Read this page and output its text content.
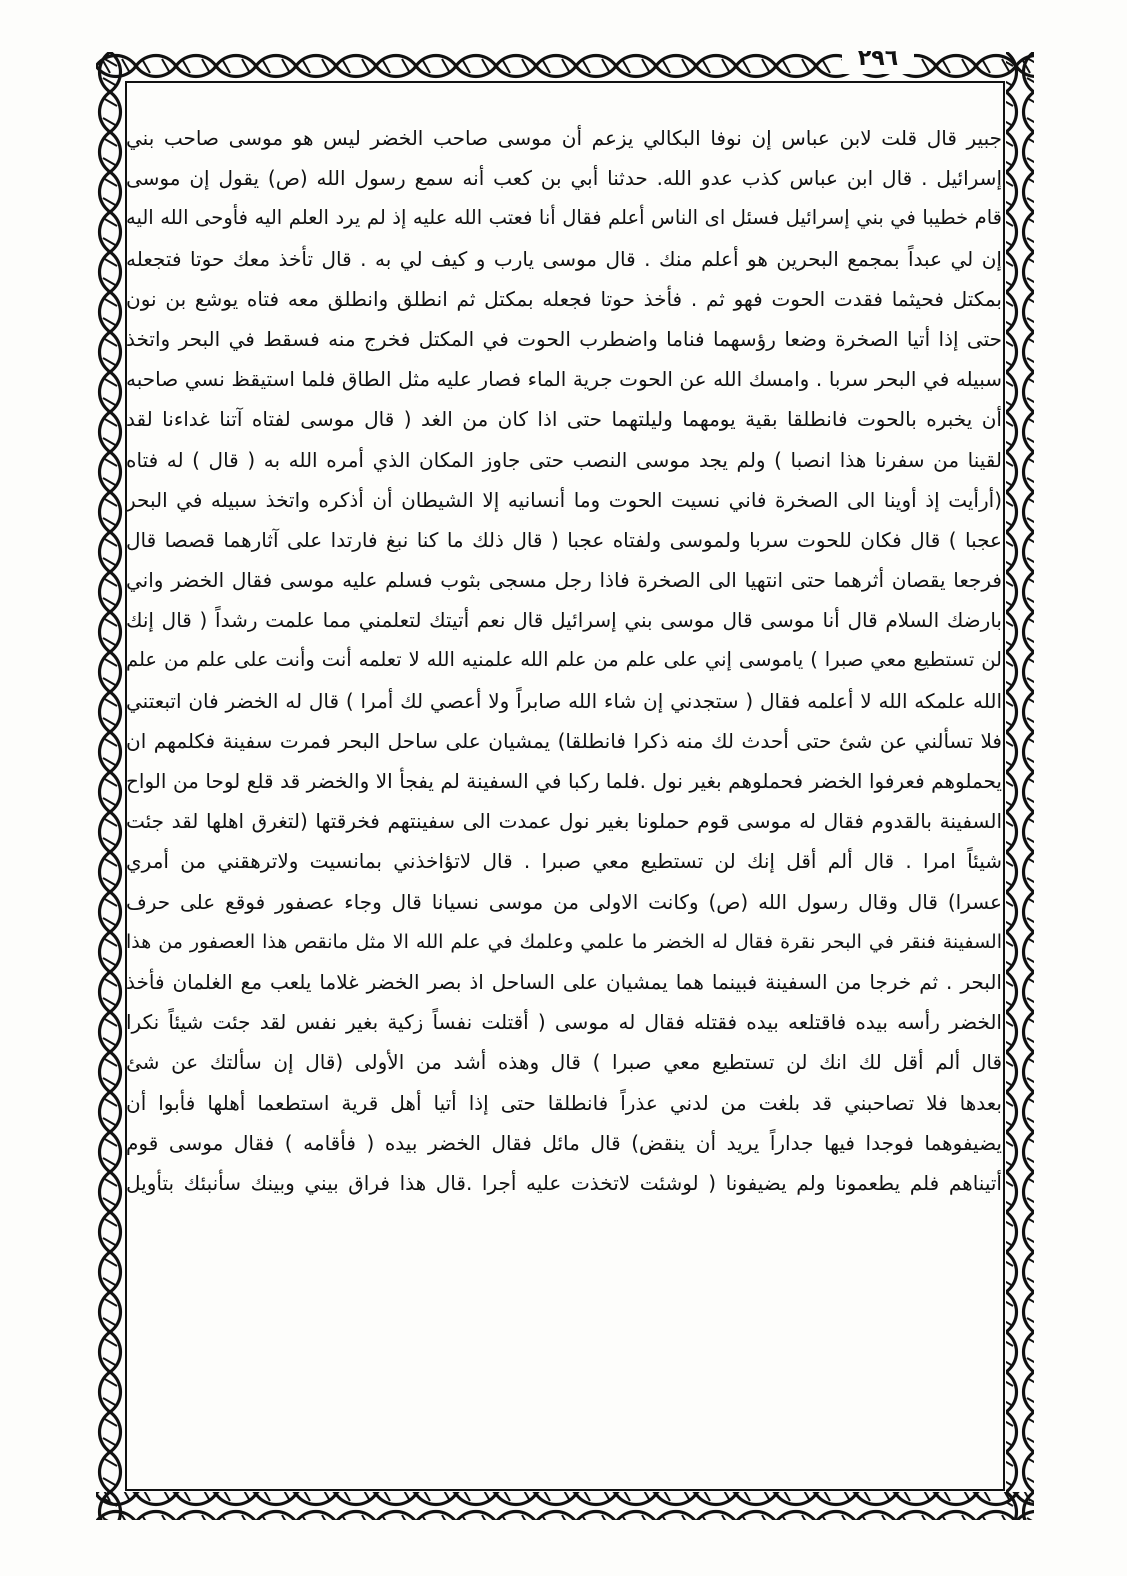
٢٩٦
جبير قال قلت لابن عباس إن نوفا البكالي يزعم أن موسى صاحب الخضر ليس هو موسى صاحب بني
إسرائيل . قال ابن عباس كذب عدو الله. حدثنا أبي بن كعب أنه سمع رسول الله (ص) يقول إن موسى
قام خطيبا في بني إسرائيل فسئل اى الناس أعلم فقال أنا فعتب الله عليه إذ لم يرد العلم اليه فأوحى الله اليه
إن لي عبداً بمجمع البحرين هو أعلم منك . قال موسى يارب و كيف لي به . قال تأخذ معك حوتا فتجعله
بمكتل فحيثما فقدت الحوت فهو ثم . فأخذ حوتا فجعله بمكتل ثم انطلق وانطلق معه فتاه يوشع بن نون
حتى إذا أتيا الصخرة وضعا رؤسهما فناما واضطرب الحوت في المكتل فخرج منه فسقط في البحر واتخذ
سبيله في البحر سربا . وامسك الله عن الحوت جرية الماء فصار عليه مثل الطاق فلما استيقظ نسي صاحبه
أن يخبره بالحوت فانطلقا بقية يومهما وليلتهما حتى اذا كان من الغد ( قال موسى لفتاه آتنا غداءنا لقد
لقينا من سفرنا هذا انصبا ) ولم يجد موسى النصب حتى جاوز المكان الذي أمره الله به ( قال ) له فتاه
(أرأيت إذ أوينا الى الصخرة فاني نسيت الحوت وما أنسانيه إلا الشيطان أن أذكره واتخذ سبيله في البحر
عجبا ) قال فكان للحوت سربا ولموسى ولفتاه عجبا ( قال ذلك ما كنا نبغ فارتدا على آثارهما قصصا قال
فرجعا يقصان أثرهما حتى انتهيا الى الصخرة فاذا رجل مسجى بثوب فسلم عليه موسى فقال الخضر واني
بارضك السلام قال أنا موسى قال موسى بني إسرائيل قال نعم أتيتك لتعلمني مما علمت رشداً ( قال إنك
لن تستطيع معي صبرا ) ياموسى إني على علم من علم الله علمنيه الله لا تعلمه أنت وأنت على علم من علم
الله علمكه الله لا أعلمه فقال ( ستجدني إن شاء الله صابراً ولا أعصي لك أمرا ) قال له الخضر فان اتبعتني
فلا تسألني عن شئ حتى أحدث لك منه ذكرا فانطلقا) يمشيان على ساحل البحر فمرت سفينة فكلمهم ان
يحملوهم فعرفوا الخضر فحملوهم بغير نول .فلما ركبا في السفينة لم يفجأ الا والخضر قد قلع لوحا من الواح
السفينة بالقدوم فقال له موسى قوم حملونا بغير نول عمدت الى سفينتهم فخرقتها (لتغرق اهلها لقد جئت
شيئاً امرا . قال ألم أقل إنك لن تستطيع معي صبرا . قال لاتؤاخذني بمانسيت ولاترهقني من أمري
عسرا) قال وقال رسول الله (ص) وكانت الاولى من موسى نسيانا قال وجاء عصفور فوقع على حرف
السفينة فنقر في البحر نقرة فقال له الخضر ما علمي وعلمك في علم الله الا مثل مانقص هذا العصفور من هذا
البحر . ثم خرجا من السفينة فبينما هما يمشيان على الساحل اذ بصر الخضر غلاما يلعب مع الغلمان فأخذ
الخضر رأسه بيده فاقتلعه بيده فقتله فقال له موسى ( أقتلت نفساً زكية بغير نفس لقد جئت شيئاً نكرا
قال ألم أقل لك انك لن تستطيع معي صبرا ) قال وهذه أشد من الأولى (قال إن سألتك عن شئ
بعدها فلا تصاحبني قد بلغت من لدني عذراً فانطلقا حتى إذا أتيا أهل قرية استطعما أهلها فأبوا أن
يضيفوهما فوجدا فيها جداراً يريد أن ينقض) قال مائل فقال الخضر بيده ( فأقامه ) فقال موسى قوم
أتيناهم فلم يطعمونا ولم يضيفونا ( لوشئت لاتخذت عليه أجرا .قال هذا فراق بيني وبينك سأنبئك بتأويل
